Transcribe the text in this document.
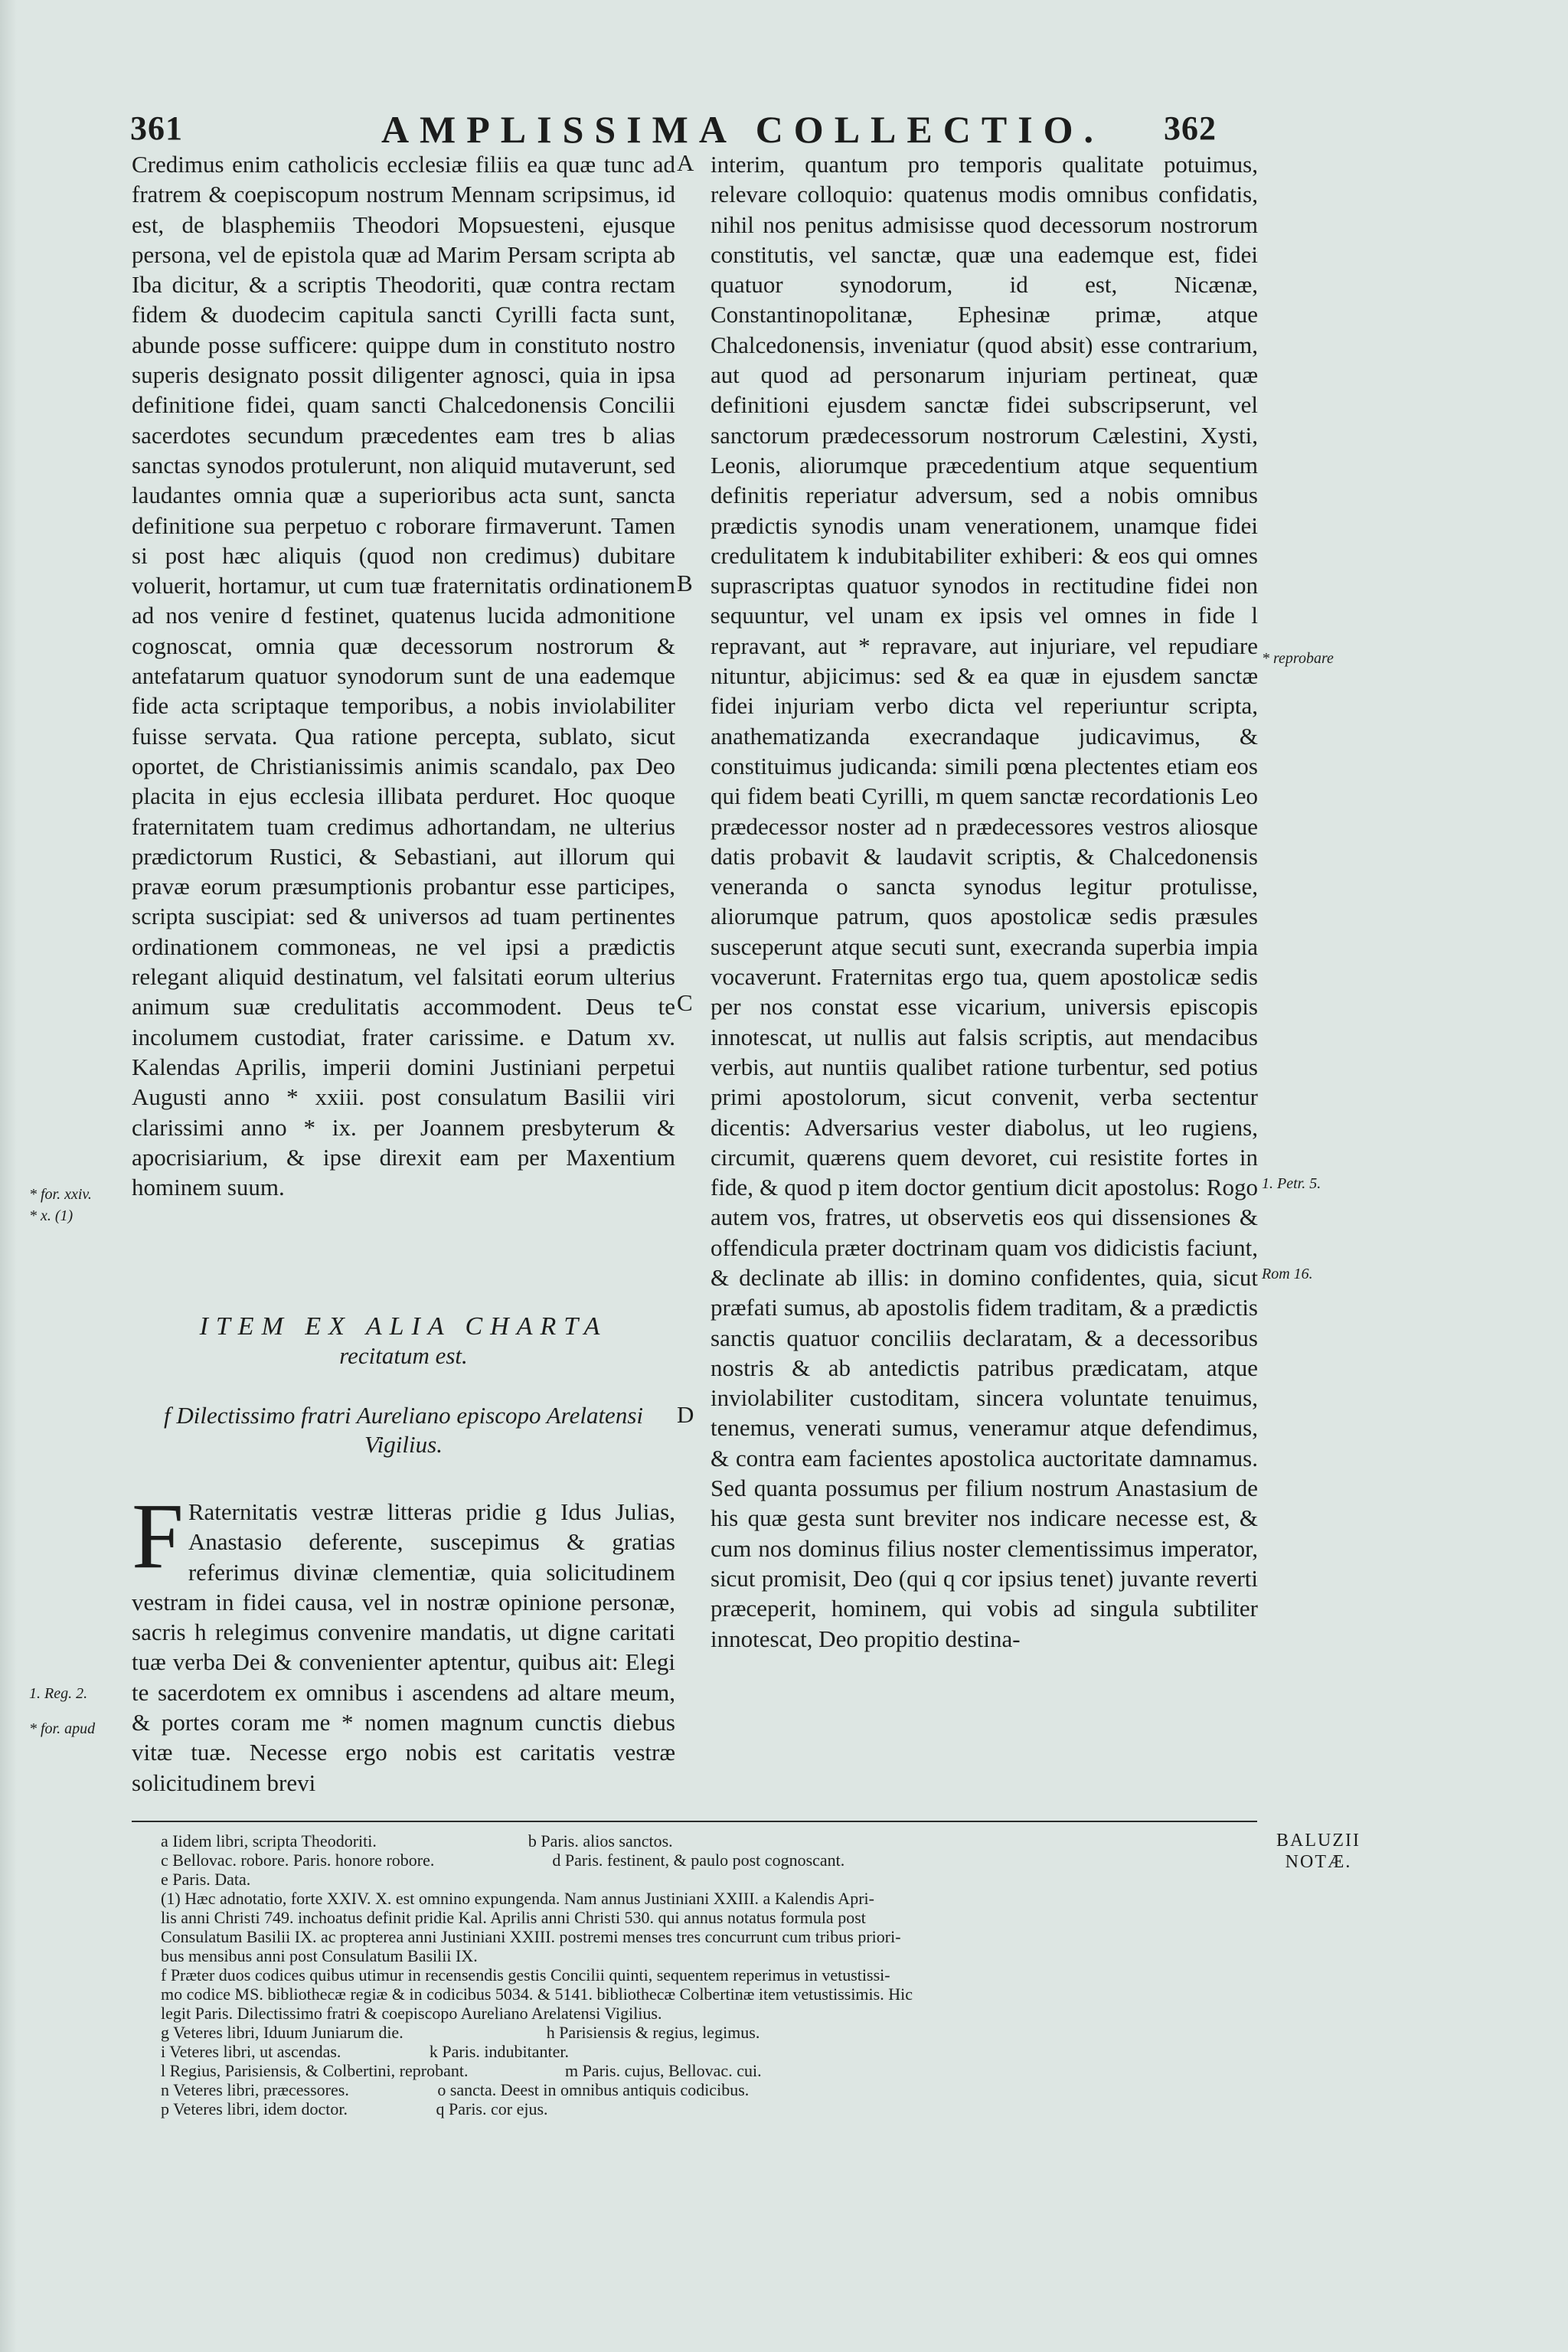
361	AMPLISSIMA COLLECTIO.	362

Credimus enim catholicis ecclesiæ filiis ea quæ tunc ad fratrem & coepiscopum nostrum Mennam scripsimus, id est, de blasphemiis Theodori Mopsuesteni, ejusque persona, vel de epistola quæ ad Marim Persam scripta ab Iba dicitur, & a scriptis Theodoriti, quæ contra rectam fidem & duodecim capitula sancti Cyrilli facta sunt, abunde posse sufficere: quippe dum in constituto nostro superis designato possit diligenter agnosci, quia in ipsa definitione fidei, quam sancti Chalcedonensis Concilii sacerdotes secundum præcedentes eam tres b alias sanctas synodos protulerunt, non aliquid mutaverunt, sed laudantes omnia quæ a superioribus acta sunt, sancta definitione sua perpetuo c roborare firmaverunt. Tamen si post hæc aliquis (quod non credimus) dubitare voluerit, hortamur, ut cum tuæ fraternitatis ordinationem ad nos venire d festinet, quatenus lucida admonitione cognoscat, omnia quæ decessorum nostrorum & antefatarum quatuor synodorum sunt de una eademque fide acta scriptaque temporibus, a nobis inviolabiliter fuisse servata. Qua ratione percepta, sublato, sicut oportet, de Christianissimis animis scandalo, pax Deo placita in ejus ecclesia illibata perduret. Hoc quoque fraternitatem tuam credimus adhortandam, ne ulterius prædictorum Rustici, & Sebastiani, aut illorum qui pravæ eorum præsumptionis probantur esse participes, scripta suscipiat: sed & universos ad tuam pertinentes ordinationem commoneas, ne vel ipsi a prædictis relegant aliquid destinatum, vel falsitati eorum ulterius animum suæ credulitatis accommodent. Deus te incolumem custodiat, frater carissime. e Datum xv. Kalendas Aprilis, imperii domini Justiniani perpetui Augusti anno * xxiii. post consulatum Basilii viri clarissimi anno * ix. per Joannem presbyterum & apocrisiarium, & ipse direxit eam per Maxentium hominem suum.

ITEM EX ALIA CHARTA
recitatum est.
f Dilectissimo fratri Aureliano episcopo Arelatensi Vigilius.
F Raternitatis vestræ litteras pridie g Idus Julias, Anastasio deferente, suscepimus & gratias referimus divinæ clementiæ, quia solicitudinem vestram in fidei causa, vel in nostræ opinione personæ, sacris h relegimus convenire mandatis, ut digne caritati tuæ verba Dei & convenienter aptentur, quibus ait: Elegi te sacerdotem ex omnibus i ascendens ad altare meum, & portes coram me * nomen magnum cunctis diebus vitæ tuæ. Necesse ergo nobis est caritatis vestræ solicitudinem brevi

interim, quantum pro temporis qualitate potuimus, relevare colloquio: quatenus modis omnibus confidatis, nihil nos penitus admisisse quod decessorum nostrorum constitutis, vel sanctæ, quæ una eademque est, fidei quatuor synodorum, id est, Nicænæ, Constantinopolitanæ, Ephesinæ primæ, atque Chalcedonensis, inveniatur (quod absit) esse contrarium, aut quod ad personarum injuriam pertineat, quæ definitioni ejusdem sanctæ fidei subscripserunt, vel sanctorum prædecessorum nostrorum Cælestini, Xysti, Leonis, aliorumque præcedentium atque sequentium definitis reperiatur adversum, sed a nobis omnibus prædictis synodis unam venerationem, unamque fidei credulitatem k indubitabiliter exhiberi: & eos qui omnes suprascriptas quatuor synodos in rectitudine fidei non sequuntur, vel unam ex ipsis vel omnes in fide l repravant, aut * repravare, aut injuriare, vel repudiare nituntur, abjicimus: sed & ea quæ in ejusdem sanctæ fidei injuriam verbo dicta vel reperiuntur scripta, anathematizanda execrandaque judicavimus, & constituimus judicanda: simili pœna plectentes etiam eos qui fidem beati Cyrilli, m quem sanctæ recordationis Leo prædecessor noster ad n prædecessores vestros aliosque datis probavit & laudavit scriptis, & Chalcedonensis veneranda o sancta synodus legitur protulisse, aliorumque patrum, quos apostolicæ sedis præsules susceperunt atque secuti sunt, execranda superbia impia vocaverunt. Fraternitas ergo tua, quem apostolicæ sedis per nos constat esse vicarium, universis episcopis innotescat, ut nullis aut falsis scriptis, aut mendacibus verbis, aut nuntiis qualibet ratione turbentur, sed potius primi apostolorum, sicut convenit, verba sectentur dicentis: Adversarius vester diabolus, ut leo rugiens, circumit, quærens quem devoret, cui resistite fortes in fide, & quod p item doctor gentium dicit apostolus: Rogo autem vos, fratres, ut observetis eos qui dissensiones & offendicula præter doctrinam quam vos didicistis faciunt, & declinate ab illis: in domino confidentes, quia, sicut præfati sumus, ab apostolis fidem traditam, & a prædictis sanctis quatuor conciliis declaratam, & a decessoribus nostris & ab antedictis patribus prædicatam, atque inviolabiliter custoditam, sincera voluntate tenuimus, tenemus, venerati sumus, veneramur atque defendimus, & contra eam facientes apostolica auctoritate damnamus. Sed quanta possumus per filium nostrum Anastasium de his quæ gesta sunt breviter nos indicare necesse est, & cum nos dominus filius noster clementissimus imperator, sicut promisit, Deo (qui q cor ipsius tenet) juvante reverti præceperit, hominem, qui vobis ad singula subtiliter innotescat, Deo propitio destina-

A
B
C
D
* for. xxiv.
* x. (1)
1. Reg. 2.
* for. apud
* reprobare
1. Petr. 5.
Rom 16.
BALUZII
NOTÆ.
a Iidem libri, scripta Theodoriti.                                    b Paris. alios sanctos.
c Bellovac. robore. Paris. honore robore.                            d Paris. festinent, & paulo post cognoscant.
e Paris. Data.
(1) Hæc adnotatio, forte XXIV. X. est omnino expungenda. Nam annus Justiniani XXIII. a Kalendis Apri-
lis anni Christi 749. inchoatus definit pridie Kal. Aprilis anni Christi 530. qui annus notatus formula post
Consulatum Basilii IX. ac propterea anni Justiniani XXIII. postremi menses tres concurrunt cum tribus priori-
bus mensibus anni post Consulatum Basilii IX.
f Præter duos codices quibus utimur in recensendis gestis Concilii quinti, sequentem reperimus in vetustissi-
mo codice MS. bibliothecæ regiæ & in codicibus 5034. & 5141. bibliothecæ Colbertinæ item vetustissimis. Hic
legit Paris. Dilectissimo fratri & coepiscopo Aureliano Arelatensi Vigilius.
g Veteres libri, Iduum Juniarum die.                                  h Parisiensis & regius, legimus.
i Veteres libri, ut ascendas.                     k Paris. indubitanter.
l Regius, Parisiensis, & Colbertini, reprobant.                       m Paris. cujus, Bellovac. cui.
n Veteres libri, præcessores.                     o sancta. Deest in omnibus antiquis codicibus.
p Veteres libri, idem doctor.                     q Paris. cor ejus.
